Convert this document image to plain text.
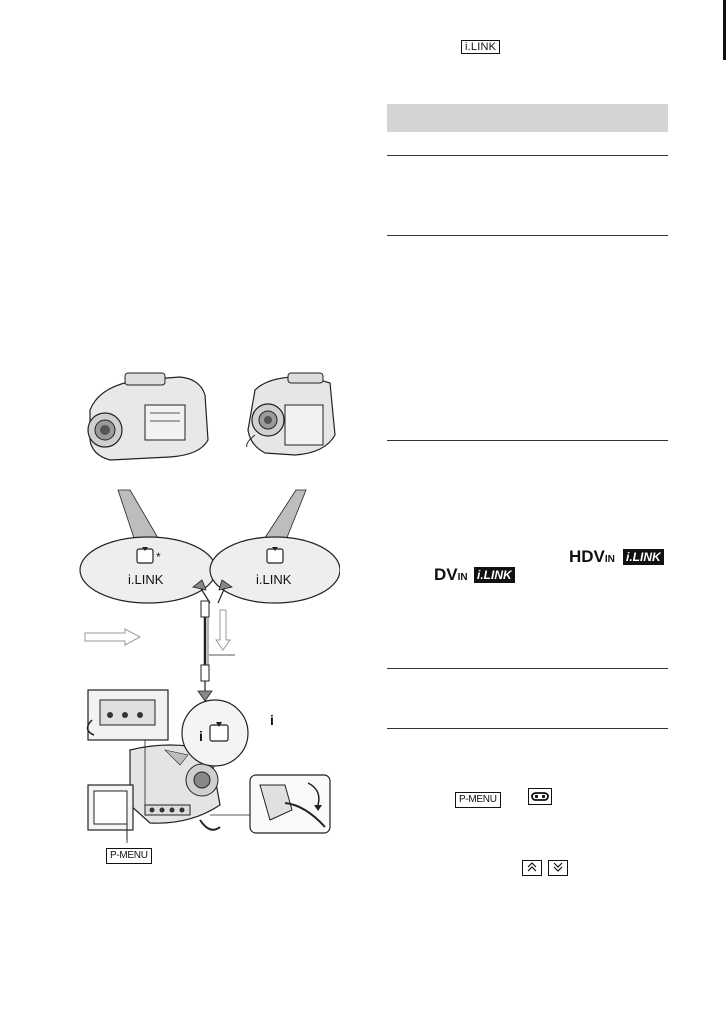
i.LINK
HDVIN i.LINK
DVIN i.LINK
P-MENU
i.LINK
*
i.LINK
i
i
P-MENU
